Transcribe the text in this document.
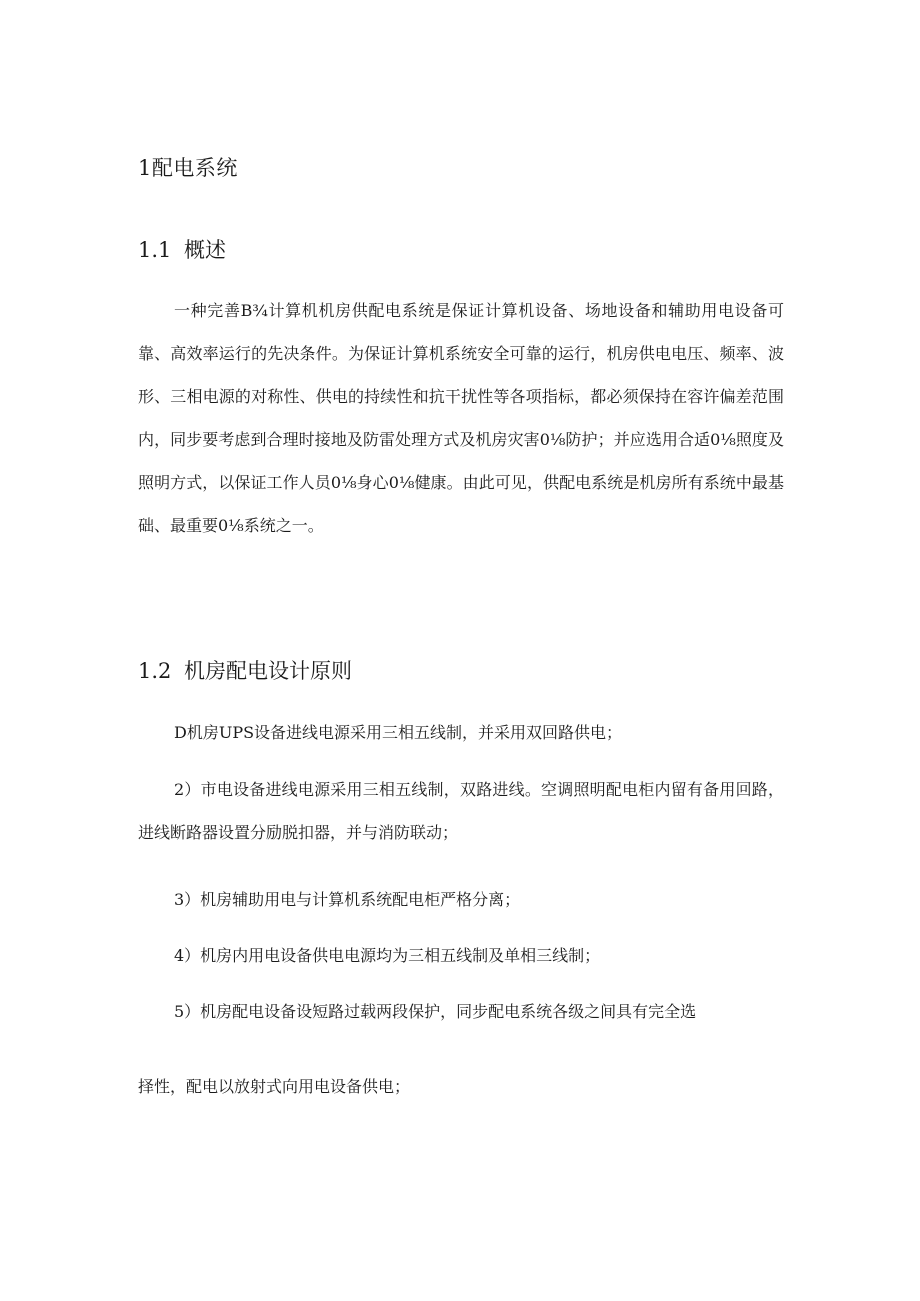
1配电系统
1.1 概述

一种完善B¾计算机机房供配电系统是保证计算机设备、场地设备和辅助用电设备可靠、高效率运行的先决条件。为保证计算机系统安全可靠的运行，机房供电电压、频率、波形、三相电源的对称性、供电的持续性和抗干扰性等各项指标，都必须保持在容许偏差范围内，同步要考虑到合理时接地及防雷处理方式及机房灾害0⅛防护；并应选用合适0⅛照度及照明方式，以保证工作人员0⅛身心0⅛健康。由此可见，供配电系统是机房所有系统中最基础、最重要0⅛系统之一。

1.2 机房配电设计原则

D机房UPS设备进线电源采用三相五线制，并采用双回路供电；

2）市电设备进线电源采用三相五线制，双路进线。空调照明配电柜内留有备用回路，进线断路器设置分励脱扣器，并与消防联动；

3）机房辅助用电与计算机系统配电柜严格分离；

4）机房内用电设备供电电源均为三相五线制及单相三线制；

5）机房配电设备设短路过载两段保护，同步配电系统各级之间具有完全选

择性，配电以放射式向用电设备供电；
